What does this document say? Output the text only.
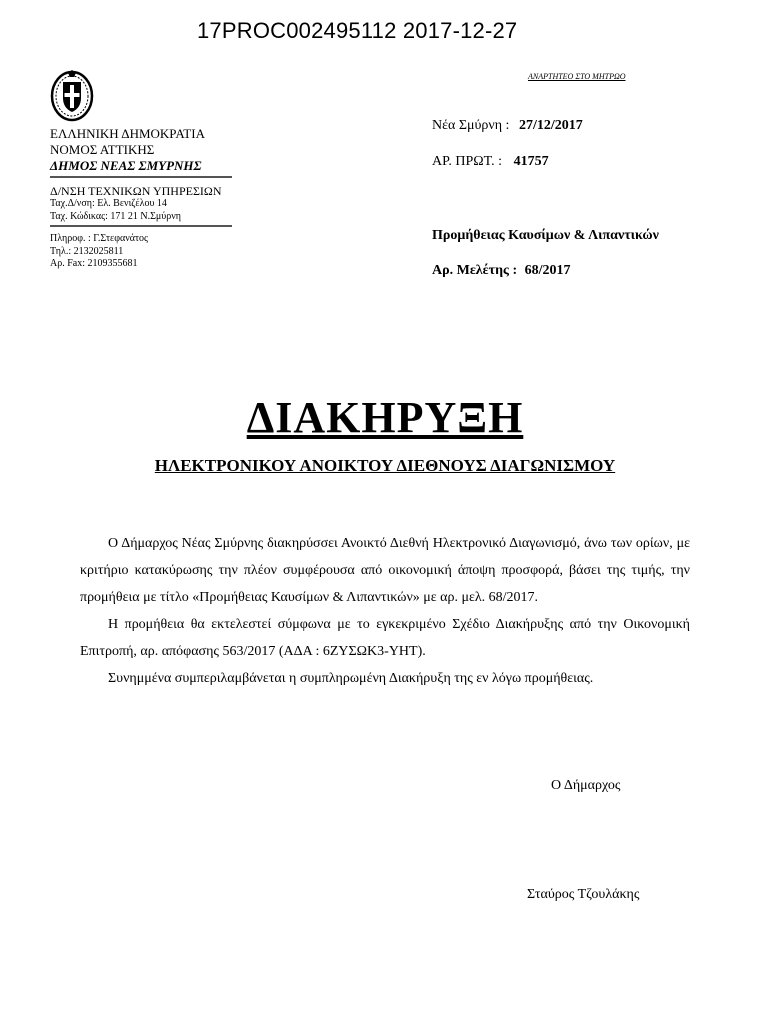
17PROC002495112 2017-12-27
ΑΝΑΡΤΗΤΕΟ ΣΤΟ ΜΗΤΡΩΟ
ΕΛΛΗΝΙΚΗ ΔΗΜΟΚΡΑΤΙΑ
ΝΟΜΟΣ ΑΤΤΙΚΗΣ
ΔΗΜΟΣ ΝΕΑΣ ΣΜΥΡΝΗΣ
Δ/ΝΣΗ ΤΕΧΝΙΚΩΝ ΥΠΗΡΕΣΙΩΝ
Ταχ.Δ/νση: Ελ. Βενιζέλου 14
Ταχ. Κώδικας: 171 21 Ν.Σμύρνη
Πληροφ. : Γ.Στεφανάτος
Τηλ.: 2132025811
Αρ. Fax: 2109355681
Νέα Σμύρνη : 27/12/2017
ΑΡ. ΠΡΩΤ. : 41757
Προμήθειας Καυσίμων & Λιπαντικών
Αρ. Μελέτης : 68/2017
ΔΙΑΚΗΡΥΞΗ
ΗΛΕΚΤΡΟΝΙΚΟΥ ΑΝΟΙΚΤΟΥ ΔΙΕΘΝΟΥΣ ΔΙΑΓΩΝΙΣΜΟΥ

Ο Δήμαρχος Νέας Σμύρνης διακηρύσσει Ανοικτό Διεθνή Ηλεκτρονικό Διαγωνισμό, άνω των ορίων, με κριτήριο κατακύρωσης την πλέον συμφέρουσα από οικονομική άποψη προσφορά, βάσει της τιμής, την προμήθεια με τίτλο «Προμήθειας Καυσίμων & Λιπαντικών» με αρ. μελ. 68/2017.

Η προμήθεια θα εκτελεστεί σύμφωνα με το εγκεκριμένο Σχέδιο Διακήρυξης από την Οικονομική Επιτροπή, αρ. απόφασης 563/2017 (ΑΔΑ : 6ΖΥΣΩΚ3-ΥΗΤ).

Συνημμένα συμπεριλαμβάνεται η συμπληρωμένη Διακήρυξη της εν λόγω προμήθειας.

Ο Δήμαρχος
Σταύρος Τζουλάκης
